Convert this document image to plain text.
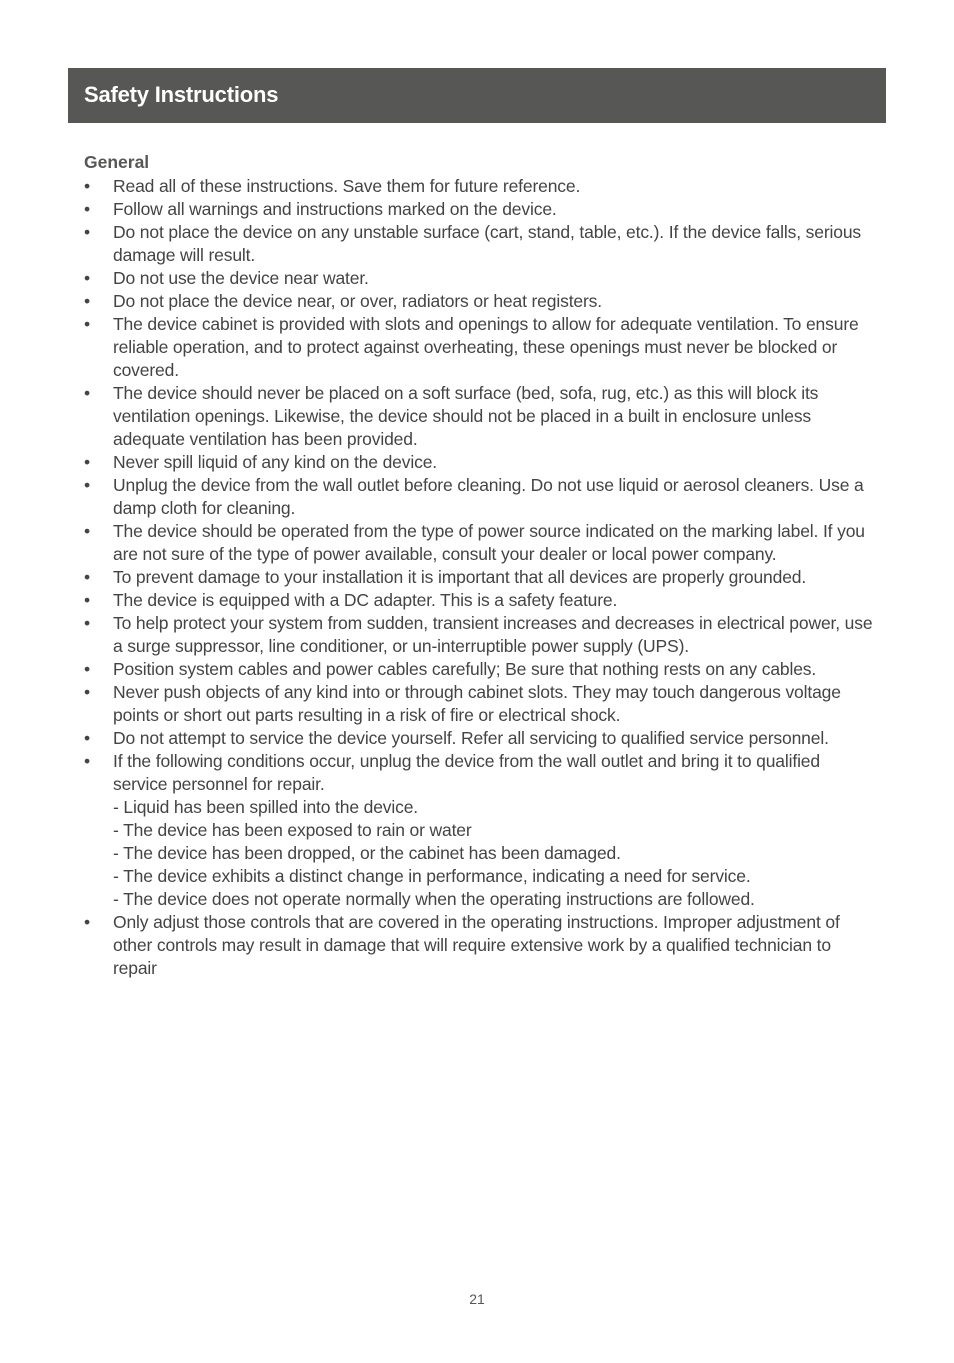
Safety Instructions
General
•	Read all of these instructions. Save them for future reference.
•	Follow all warnings and instructions marked on the device.
•	Do not place the device on any unstable surface (cart, stand, table, etc.). If the device falls, serious damage will result.
•	Do not use the device near water.
•	Do not place the device near, or over, radiators or heat registers.
•	The device cabinet is provided with slots and openings to allow for adequate ventilation. To ensure reliable operation, and to protect against overheating, these openings must never be blocked or covered.
•	The device should never be placed on a soft surface (bed, sofa, rug, etc.) as this will block its ventilation openings. Likewise, the device should not be placed in a built in enclosure unless adequate ventilation has been provided.
•	Never spill liquid of any kind on the device.
•	Unplug the device from the wall outlet before cleaning. Do not use liquid or aerosol cleaners. Use a damp cloth for cleaning.
•	The device should be operated from the type of power source indicated on the marking label. If you are not sure of the type of power available, consult your dealer or local power company.
•	To prevent damage to your installation it is important that all devices are properly grounded.
•	The device is equipped with a DC adapter. This is a safety feature.
•	To help protect your system from sudden, transient increases and decreases in electrical power, use a surge suppressor, line conditioner, or un-interruptible power supply (UPS).
•	Position system cables and power cables carefully; Be sure that nothing rests on any cables.
•	Never push objects of any kind into or through cabinet slots. They may touch dangerous voltage points or short out parts resulting in a risk of fire or electrical shock.
•	Do not attempt to service the device yourself. Refer all servicing to qualified service personnel.
•	If the following conditions occur, unplug the device from the wall outlet and bring it to qualified service personnel for repair.
- Liquid has been spilled into the device.
- The device has been exposed to rain or water
- The device has been dropped, or the cabinet has been damaged.
- The device exhibits a distinct change in performance, indicating a need for service.
- The device does not operate normally when the operating instructions are followed.
•	Only adjust those controls that are covered in the operating instructions. Improper adjustment of other controls may result in damage that will require extensive work by a qualified technician to repair
21
